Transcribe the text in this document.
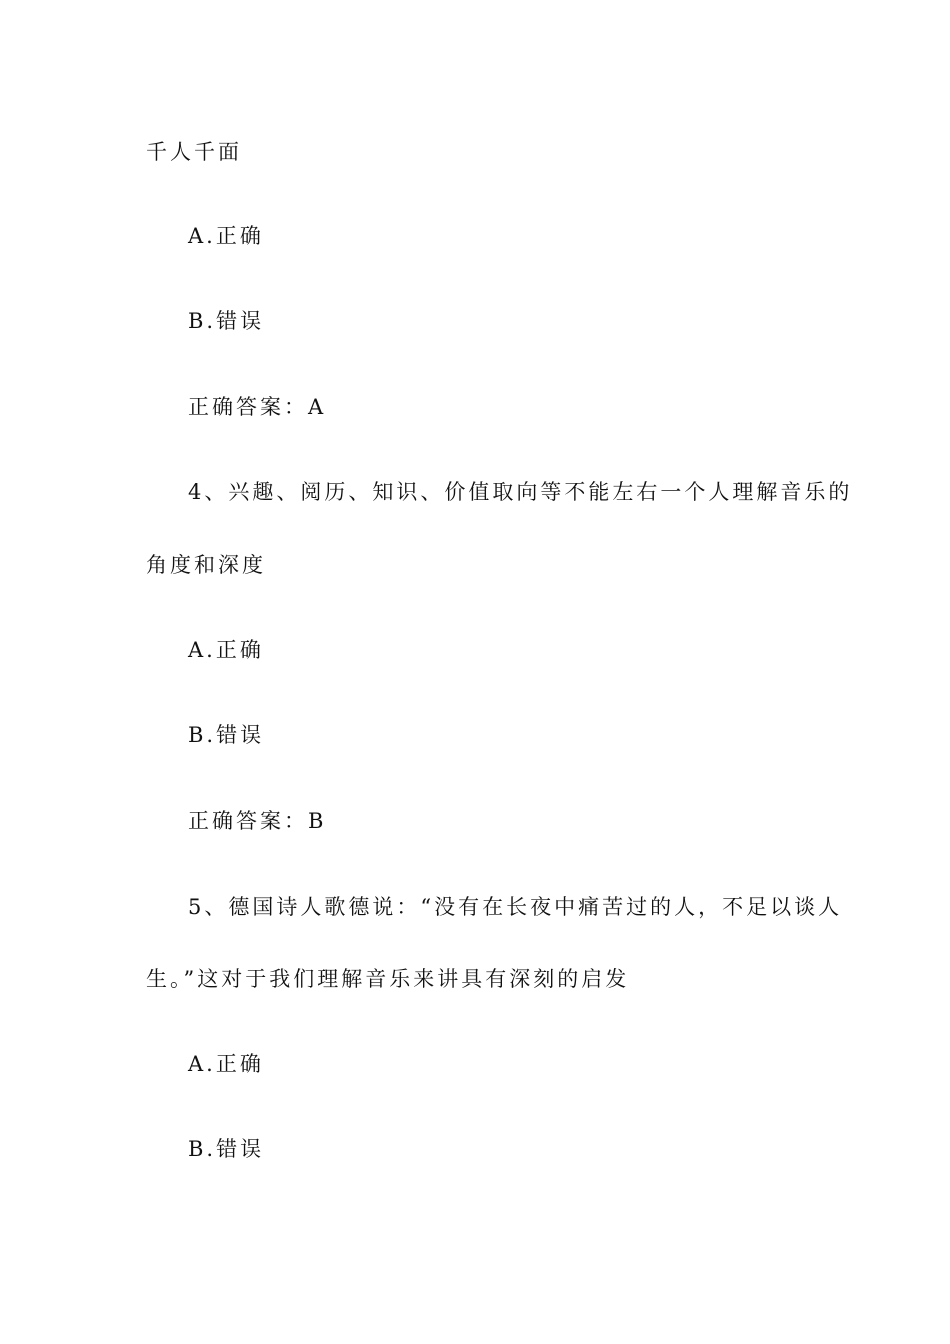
千人千面
A.正确
B.错误
正确答案：A
4、兴趣、阅历、知识、价值取向等不能左右一个人理解音乐的
角度和深度
A.正确
B.错误
正确答案：B
5、德国诗人歌德说：“没有在长夜中痛苦过的人，不足以谈人
生。”这对于我们理解音乐来讲具有深刻的启发
A.正确
B.错误
